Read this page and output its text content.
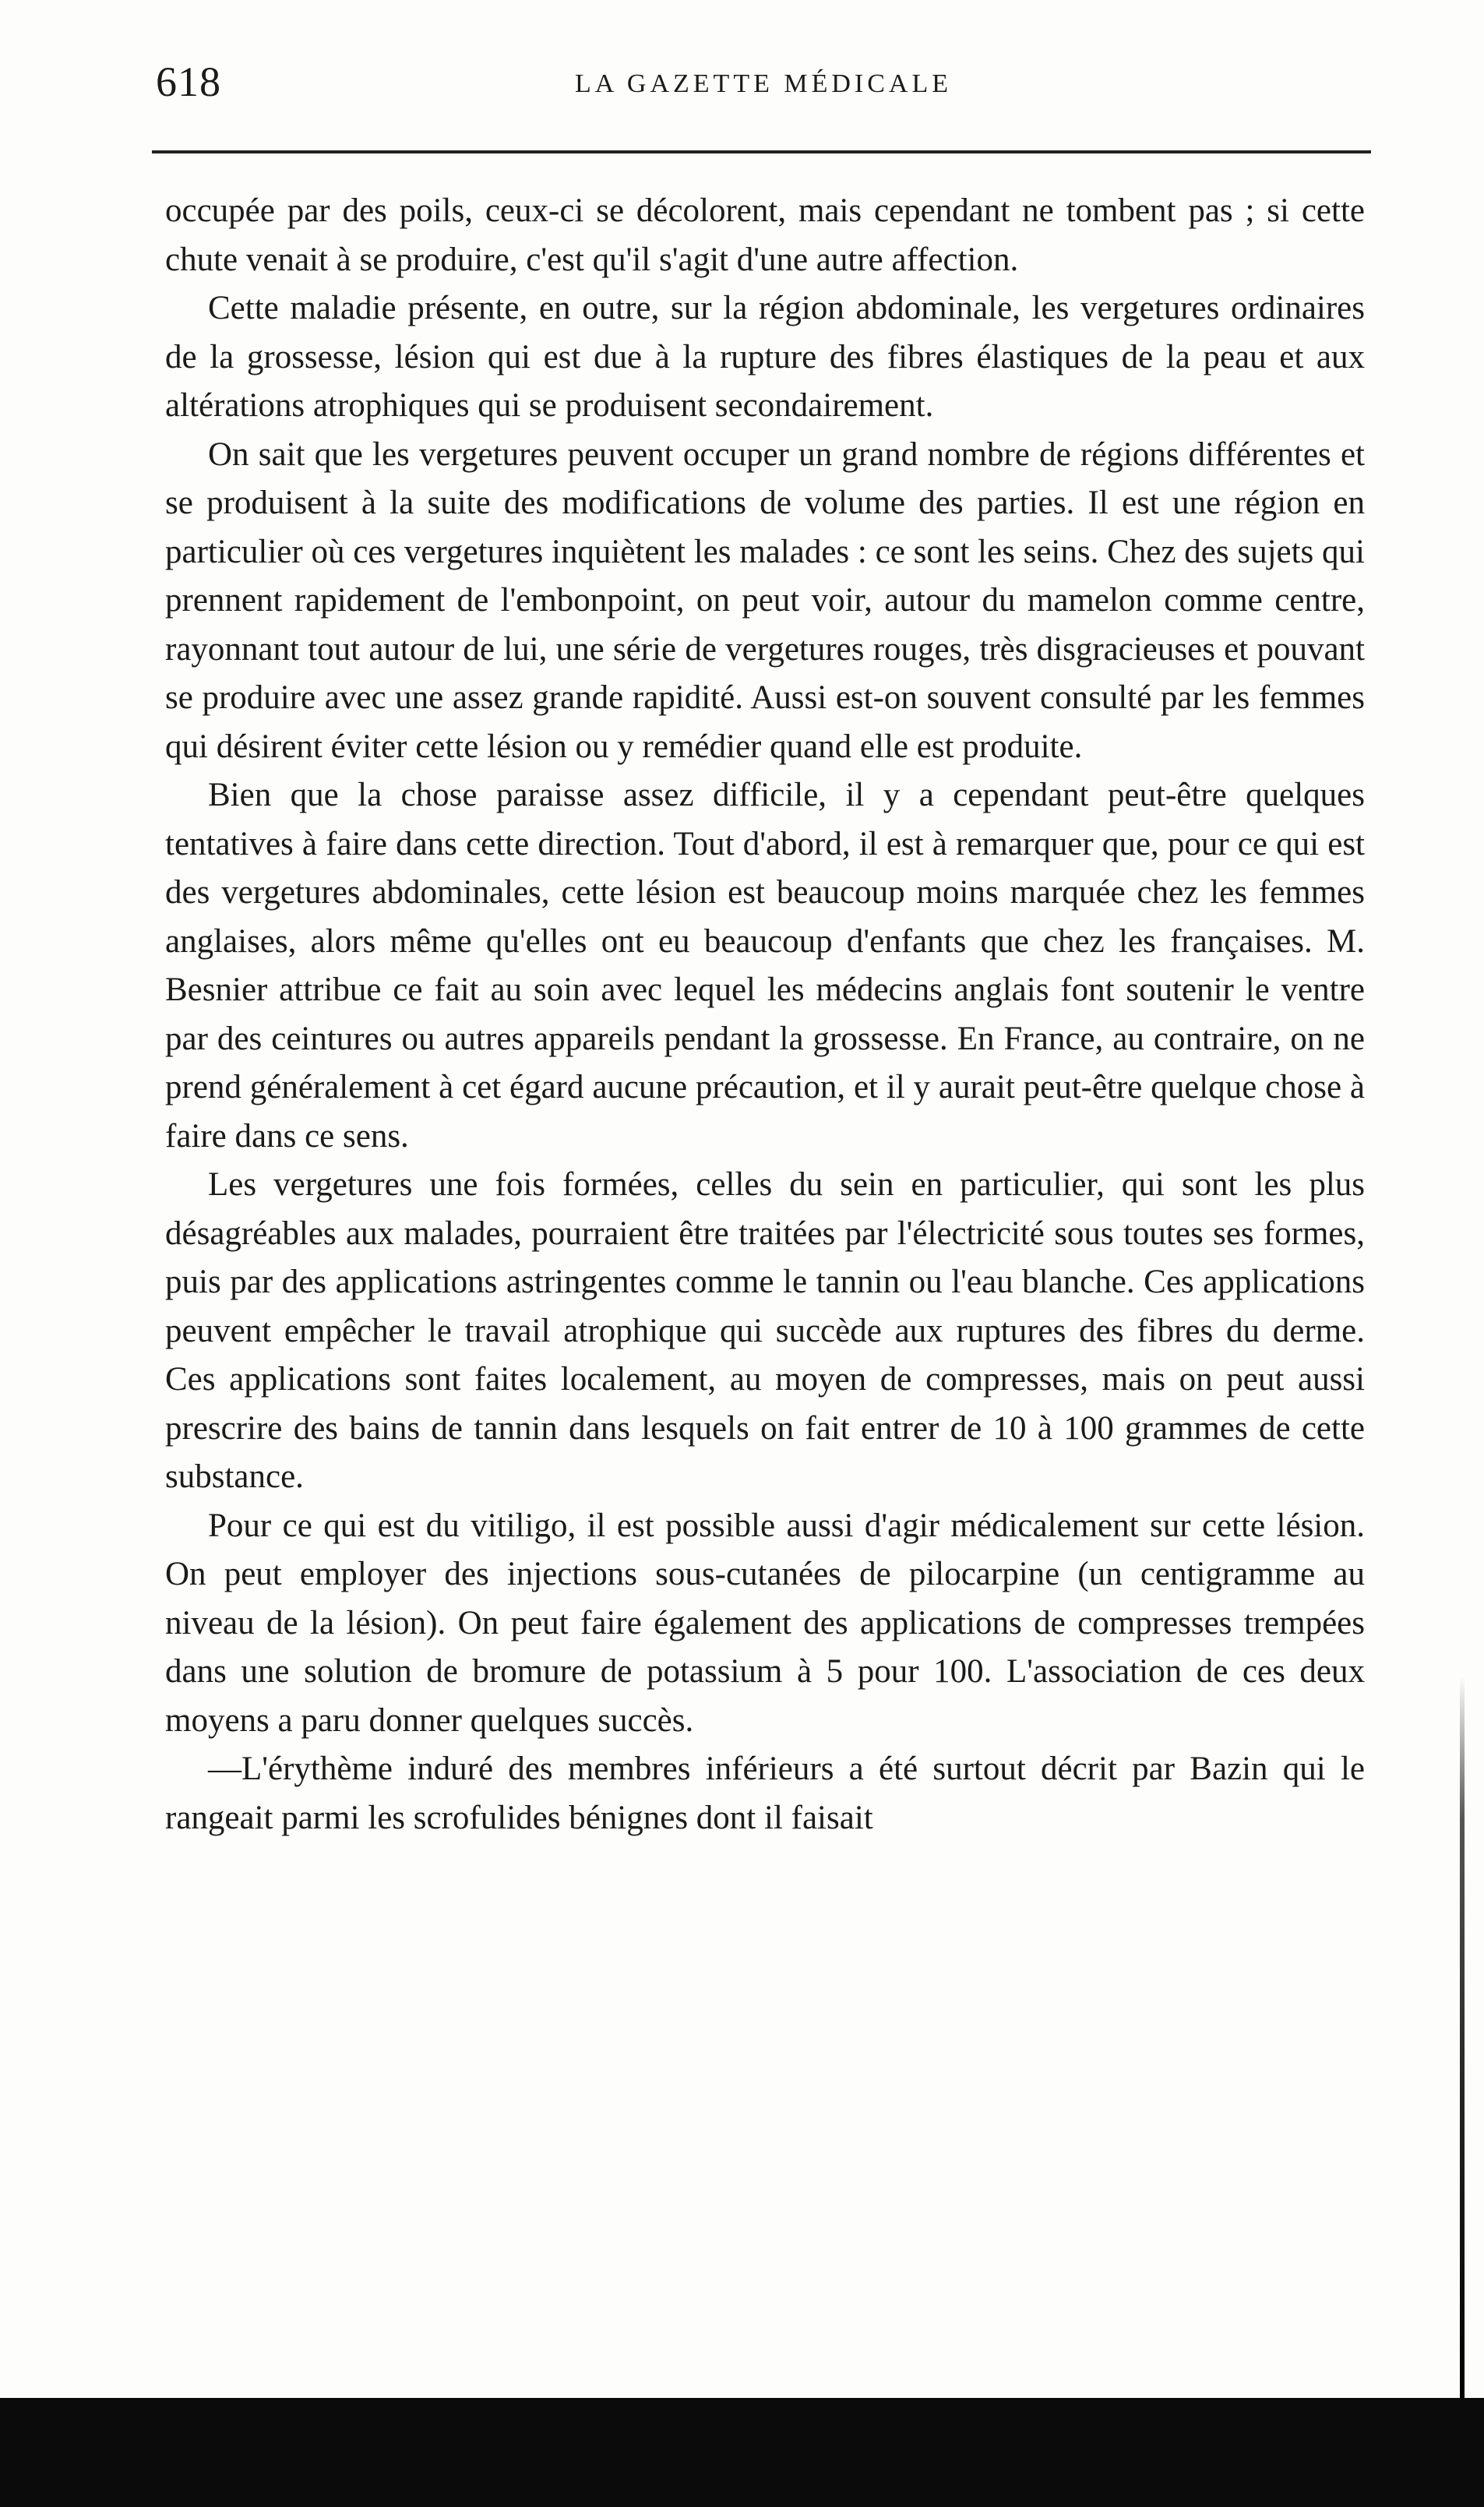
618	LA GAZETTE MÉDICALE

occupée par des poils, ceux-ci se décolorent, mais cependant ne tombent pas ; si cette chute venait à se produire, c'est qu'il s'agit d'une autre affection.

Cette maladie présente, en outre, sur la région abdominale, les vergetures ordinaires de la grossesse, lésion qui est due à la rupture des fibres élastiques de la peau et aux altérations atrophiques qui se produisent secondairement.

On sait que les vergetures peuvent occuper un grand nombre de régions différentes et se produisent à la suite des modifications de volume des parties. Il est une région en particulier où ces vergetures inquiètent les malades : ce sont les seins. Chez des sujets qui prennent rapidement de l'embonpoint, on peut voir, autour du mamelon comme centre, rayonnant tout autour de lui, une série de vergetures rouges, très disgracieuses et pouvant se produire avec une assez grande rapidité. Aussi est-on souvent consulté par les femmes qui désirent éviter cette lésion ou y remédier quand elle est produite.

Bien que la chose paraisse assez difficile, il y a cependant peut-être quelques tentatives à faire dans cette direction. Tout d'abord, il est à remarquer que, pour ce qui est des vergetures abdominales, cette lésion est beaucoup moins marquée chez les femmes anglaises, alors même qu'elles ont eu beaucoup d'enfants que chez les françaises. M. Besnier attribue ce fait au soin avec lequel les médecins anglais font soutenir le ventre par des ceintures ou autres appareils pendant la grossesse. En France, au contraire, on ne prend généralement à cet égard aucune précaution, et il y aurait peut-être quelque chose à faire dans ce sens.

Les vergetures une fois formées, celles du sein en particulier, qui sont les plus désagréables aux malades, pourraient être traitées par l'électricité sous toutes ses formes, puis par des applications astringentes comme le tannin ou l'eau blanche. Ces applications peuvent empêcher le travail atrophique qui succède aux ruptures des fibres du derme. Ces applications sont faites localement, au moyen de compresses, mais on peut aussi prescrire des bains de tannin dans lesquels on fait entrer de 10 à 100 grammes de cette substance.

Pour ce qui est du vitiligo, il est possible aussi d'agir médicalement sur cette lésion. On peut employer des injections sous-cutanées de pilocarpine (un centigramme au niveau de la lésion). On peut faire également des applications de compresses trempées dans une solution de bromure de potassium à 5 pour 100. L'association de ces deux moyens a paru donner quelques succès.

—L'érythème induré des membres inférieurs a été surtout décrit par Bazin qui le rangeait parmi les scrofulides bénignes dont il faisait
